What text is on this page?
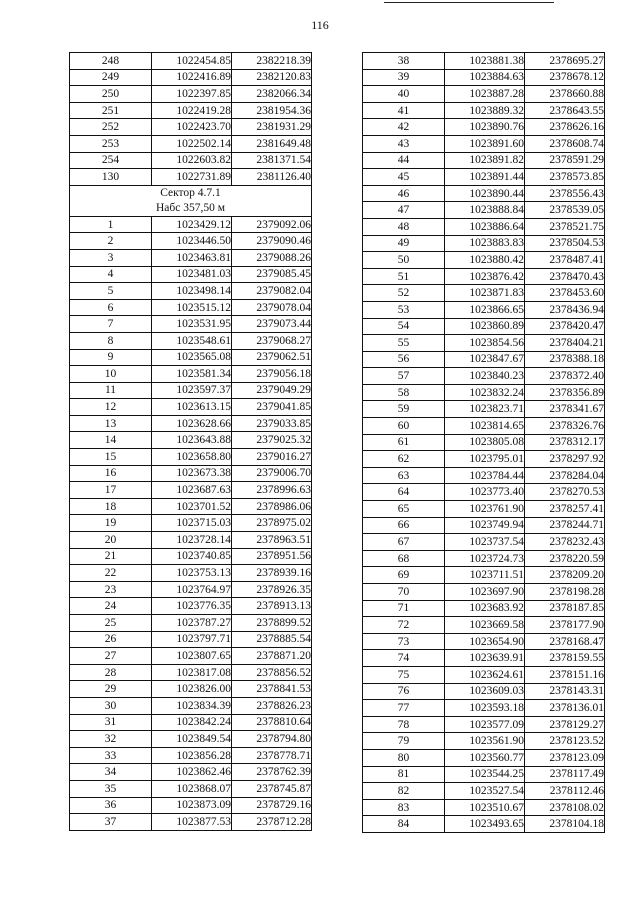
116
248	1022454.85	2382218.39
249	1022416.89	2382120.83
250	1022397.85	2382066.34
251	1022419.28	2381954.36
252	1022423.70	2381931.29
253	1022502.14	2381649.48
254	1022603.82	2381371.54
130	1022731.89	2381126.40

Сектор 4.7.1
Набс 357,50 м		

1	1023429.12	2379092.06
2	1023446.50	2379090.46
3	1023463.81	2379088.26
4	1023481.03	2379085.45
5	1023498.14	2379082.04
6	1023515.12	2379078.04
7	1023531.95	2379073.44
8	1023548.61	2379068.27
9	1023565.08	2379062.51
10	1023581.34	2379056.18
11	1023597.37	2379049.29
12	1023613.15	2379041.85
13	1023628.66	2379033.85
14	1023643.88	2379025.32
15	1023658.80	2379016.27
16	1023673.38	2379006.70
17	1023687.63	2378996.63
18	1023701.52	2378986.06
19	1023715.03	2378975.02
20	1023728.14	2378963.51
21	1023740.85	2378951.56
22	1023753.13	2378939.16
23	1023764.97	2378926.35
24	1023776.35	2378913.13
25	1023787.27	2378899.52
26	1023797.71	2378885.54
27	1023807.65	2378871.20
28	1023817.08	2378856.52
29	1023826.00	2378841.53
30	1023834.39	2378826.23
31	1023842.24	2378810.64
32	1023849.54	2378794.80
33	1023856.28	2378778.71
34	1023862.46	2378762.39
35	1023868.07	2378745.87
36	1023873.09	2378729.16
37	1023877.53	2378712.28
38	1023881.38	2378695.27
39	1023884.63	2378678.12
40	1023887.28	2378660.88
41	1023889.32	2378643.55
42	1023890.76	2378626.16
43	1023891.60	2378608.74
44	1023891.82	2378591.29
45	1023891.44	2378573.85
46	1023890.44	2378556.43
47	1023888.84	2378539.05
48	1023886.64	2378521.75
49	1023883.83	2378504.53
50	1023880.42	2378487.41
51	1023876.42	2378470.43
52	1023871.83	2378453.60
53	1023866.65	2378436.94
54	1023860.89	2378420.47
55	1023854.56	2378404.21
56	1023847.67	2378388.18
57	1023840.23	2378372.40
58	1023832.24	2378356.89
59	1023823.71	2378341.67
60	1023814.65	2378326.76
61	1023805.08	2378312.17
62	1023795.01	2378297.92
63	1023784.44	2378284.04
64	1023773.40	2378270.53
65	1023761.90	2378257.41
66	1023749.94	2378244.71
67	1023737.54	2378232.43
68	1023724.73	2378220.59
69	1023711.51	2378209.20
70	1023697.90	2378198.28
71	1023683.92	2378187.85
72	1023669.58	2378177.90
73	1023654.90	2378168.47
74	1023639.91	2378159.55
75	1023624.61	2378151.16
76	1023609.03	2378143.31
77	1023593.18	2378136.01
78	1023577.09	2378129.27
79	1023561.90	2378123.52
80	1023560.77	2378123.09
81	1023544.25	2378117.49
82	1023527.54	2378112.46
83	1023510.67	2378108.02
84	1023493.65	2378104.18
